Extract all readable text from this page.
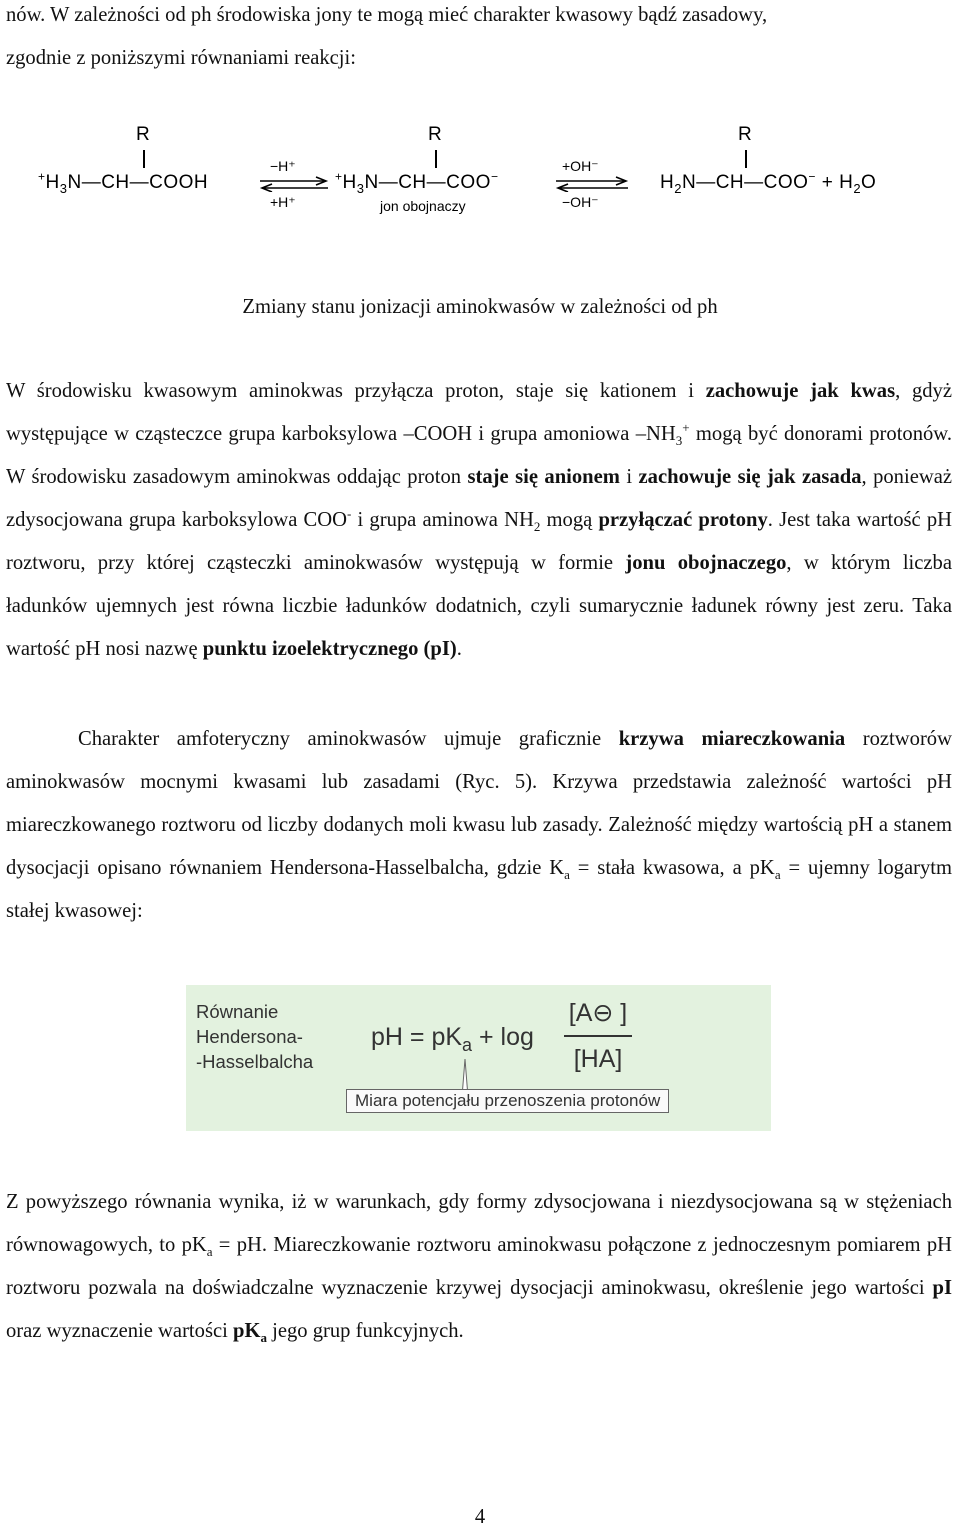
nów. W zależności od ph środowiska jony te mogą mieć charakter kwasowy bądź zasadowy,
zgodnie z poniższymi równaniami reakcji:

R	R	R
$^+H_3N—CH—COOH$
−H⁺
+H⁺
$^+H_3N—CH—COO^-$
jon obojnaczy
+OH⁻
−OH⁻
$H_2N—CH—COO^- + H_2O$
Zmiany stanu jonizacji aminokwasów w zależności od ph

W środowisku kwasowym aminokwas przyłącza proton, staje się kationem i zachowuje jak kwas, gdyż występujące w cząsteczce grupa karboksylowa –COOH i grupa amoniowa $-NH_3^+$ mogą być donorami protonów. W środowisku zasadowym aminokwas oddając proton staje się anionem i zachowuje się jak zasada, ponieważ zdysocjowana grupa karboksylowa COO- i grupa aminowa $NH_2$ mogą przyłączać protony. Jest taka wartość pH roztworu, przy której cząsteczki aminokwasów występują w formie jonu obojnaczego, w którym liczba ładunków ujemnych jest równa liczbie ładunków dodatnich, czyli sumarycznie ładunek równy jest zeru. Taka wartość pH nosi nazwę punktu izoelektrycznego (pI).

Charakter amfoteryczny aminokwasów ujmuje graficznie krzywa miareczkowania roztworów aminokwasów mocnymi kwasami lub zasadami (Ryc. 5). Krzywa przedstawia zależność wartości pH miareczkowanego roztworu od liczby dodanych moli kwasu lub zasady. Zależność między wartością pH a stanem dysocjacji opisano równaniem Hendersona-Hasselbalcha, gdzie $K_a$ = stała kwasowa, a $pK_a$ = ujemny logarytm stałej kwasowej:

Równanie
Hendersona-
-Hasselbalcha
pH = $pK_a + \log$
[A⊖ ]
[HA]
Miara potencjału przenoszenia protonów

Z powyższego równania wynika, iż w warunkach, gdy formy zdysocjowana i niezdysocjowana są w stężeniach równowagowych, to $pK_a$ = pH. Miareczkowanie roztworu aminokwasu połączone z jednoczesnym pomiarem pH roztworu pozwala na doświadczalne wyznaczenie krzywej dysocjacji aminokwasu, określenie jego wartości pI oraz wyznaczenie wartości $pK_a$ jego grup funkcyjnych.

4
